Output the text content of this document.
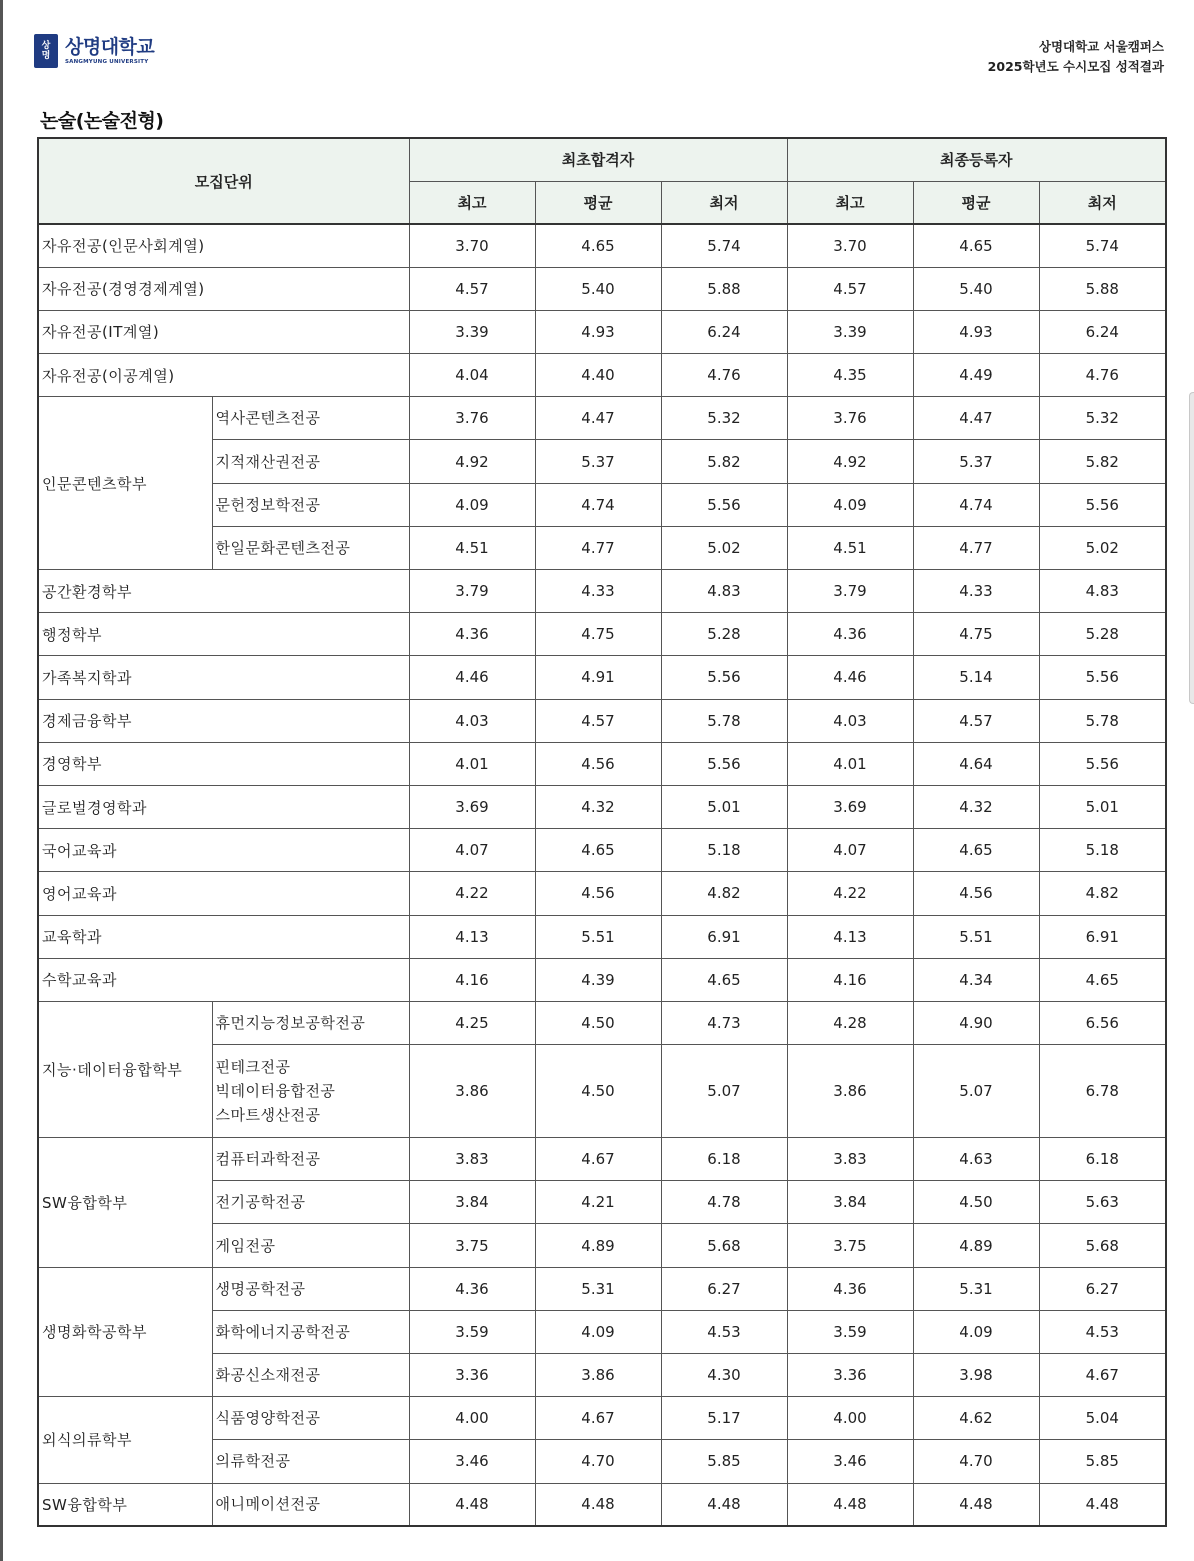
상
명 상명대학교
SANGMYUNG UNIVERSITY
상명대학교 서울캠퍼스
2025학년도 수시모집 성적결과
논술(논술전형)
모집단위		최초합격자			최종등록자		
		최고	평균	최저	최고	평균	최저
자유전공(인문사회계열)		3.70	4.65	5.74	3.70	4.65	5.74
자유전공(경영경제계열)		4.57	5.40	5.88	4.57	5.40	5.88
자유전공(IT계열)		3.39	4.93	6.24	3.39	4.93	6.24
자유전공(이공계열)		4.04	4.40	4.76	4.35	4.49	4.76
인문콘텐츠학부	역사콘텐츠전공	3.76	4.47	5.32	3.76	4.47	5.32
	지적재산권전공	4.92	5.37	5.82	4.92	5.37	5.82
	문헌정보학전공	4.09	4.74	5.56	4.09	4.74	5.56
	한일문화콘텐츠전공	4.51	4.77	5.02	4.51	4.77	5.02
공간환경학부		3.79	4.33	4.83	3.79	4.33	4.83
행정학부		4.36	4.75	5.28	4.36	4.75	5.28
가족복지학과		4.46	4.91	5.56	4.46	5.14	5.56
경제금융학부		4.03	4.57	5.78	4.03	4.57	5.78
경영학부		4.01	4.56	5.56	4.01	4.64	5.56
글로벌경영학과		3.69	4.32	5.01	3.69	4.32	5.01
국어교육과		4.07	4.65	5.18	4.07	4.65	5.18
영어교육과		4.22	4.56	4.82	4.22	4.56	4.82
교육학과		4.13	5.51	6.91	4.13	5.51	6.91
수학교육과		4.16	4.39	4.65	4.16	4.34	4.65
지능·데이터융합학부	휴먼지능정보공학전공	4.25	4.50	4.73	4.28	4.90	6.56

	핀테크전공
빅데이터융합전공
스마트생산전공	3.86	4.50	5.07	3.86	5.07	6.78
SW융합학부	컴퓨터과학전공	3.83	4.67	6.18	3.83	4.63	6.18
	전기공학전공	3.84	4.21	4.78	3.84	4.50	5.63
	게임전공	3.75	4.89	5.68	3.75	4.89	5.68
생명화학공학부	생명공학전공	4.36	5.31	6.27	4.36	5.31	6.27
	화학에너지공학전공	3.59	4.09	4.53	3.59	4.09	4.53
	화공신소재전공	3.36	3.86	4.30	3.36	3.98	4.67
외식의류학부	식품영양학전공	4.00	4.67	5.17	4.00	4.62	5.04
	의류학전공	3.46	4.70	5.85	3.46	4.70	5.85
SW융합학부	애니메이션전공	4.48	4.48	4.48	4.48	4.48	4.48
